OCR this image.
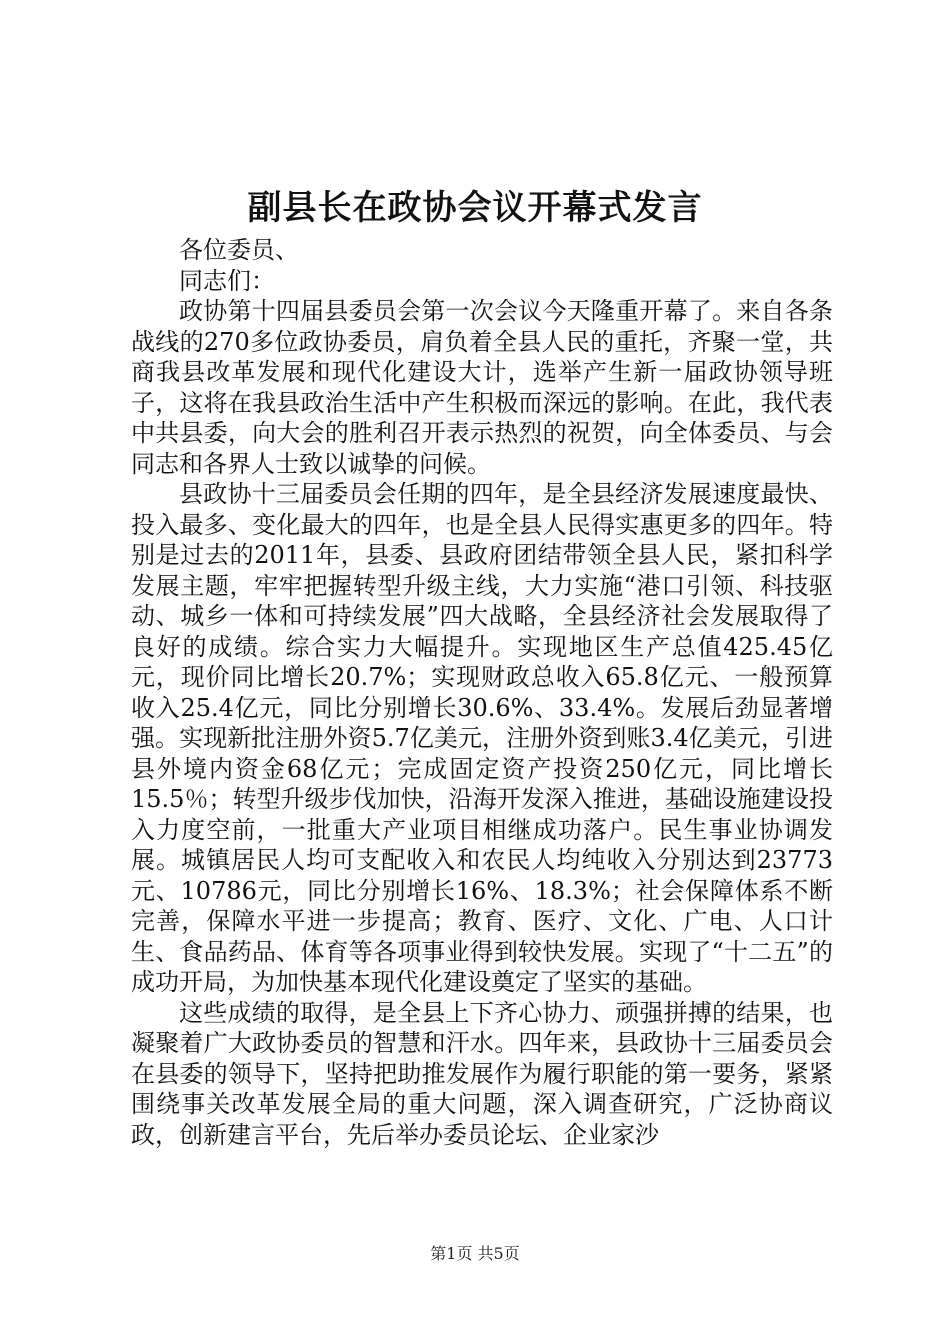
副县长在政协会议开幕式发言

各位委员、

同志们：

政协第十四届县委员会第一次会议今天隆重开幕了。来自各条战线的270多位政协委员，肩负着全县人民的重托，齐聚一堂，共商我县改革发展和现代化建设大计，选举产生新一届政协领导班子，这将在我县政治生活中产生积极而深远的影响。在此，我代表中共县委，向大会的胜利召开表示热烈的祝贺，向全体委员、与会同志和各界人士致以诚挚的问候。

县政协十三届委员会任期的四年，是全县经济发展速度最快、投入最多、变化最大的四年，也是全县人民得实惠更多的四年。特别是过去的2011年，县委、县政府团结带领全县人民，紧扣科学发展主题，牢牢把握转型升级主线，大力实施“港口引领、科技驱动、城乡一体和可持续发展”四大战略，全县经济社会发展取得了良好的成绩。综合实力大幅提升。实现地区生产总值425.45亿元，现价同比增长20.7%；实现财政总收入65.8亿元、一般预算收入25.4亿元，同比分别增长30.6%、33.4%。发展后劲显著增强。实现新批注册外资5.7亿美元，注册外资到账3.4亿美元，引进县外境内资金68亿元；完成固定资产投资250亿元，同比增长15.5％；转型升级步伐加快，沿海开发深入推进，基础设施建设投入力度空前，一批重大产业项目相继成功落户。民生事业协调发展。城镇居民人均可支配收入和农民人均纯收入分别达到23773元、10786元，同比分别增长16%、18.3%；社会保障体系不断完善，保障水平进一步提高；教育、医疗、文化、广电、人口计生、食品药品、体育等各项事业得到较快发展。实现了“十二五”的成功开局，为加快基本现代化建设奠定了坚实的基础。

这些成绩的取得，是全县上下齐心协力、顽强拼搏的结果，也凝聚着广大政协委员的智慧和汗水。四年来，县政协十三届委员会在县委的领导下，坚持把助推发展作为履行职能的第一要务，紧紧围绕事关改革发展全局的重大问题，深入调查研究，广泛协商议政，创新建言平台，先后举办委员论坛、企业家沙

第1页 共5页
